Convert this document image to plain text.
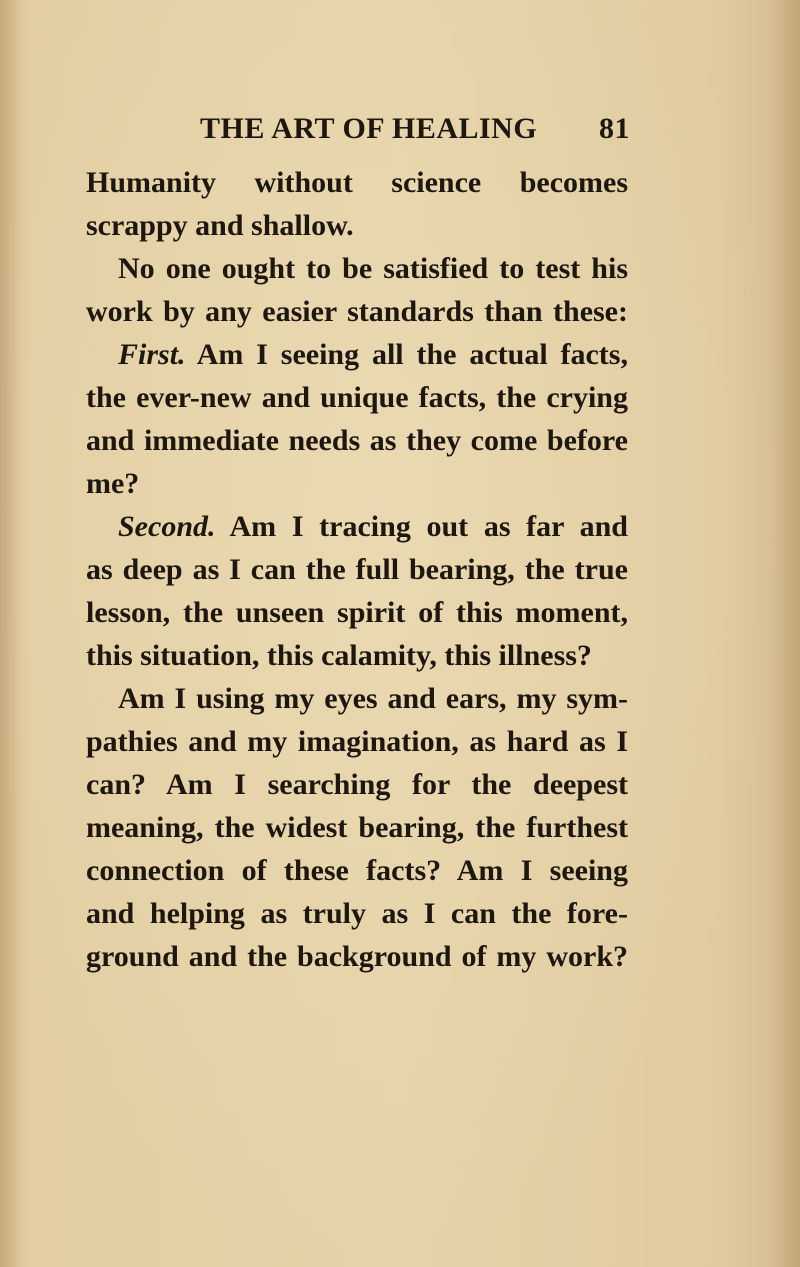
THE ART OF HEALING 81
Humanity without science becomes
scrappy and shallow.
No one ought to be satisfied to test his
work by any easier standards than these:
First. Am I seeing all the actual facts,
the ever-new and unique facts, the crying
and immediate needs as they come before
me?
Second. Am I tracing out as far and
as deep as I can the full bearing, the true
lesson, the unseen spirit of this moment,
this situation, this calamity, this illness?
Am I using my eyes and ears, my sym-
pathies and my imagination, as hard as I
can? Am I searching for the deepest
meaning, the widest bearing, the furthest
connection of these facts? Am I seeing
and helping as truly as I can the fore-
ground and the background of my work?
